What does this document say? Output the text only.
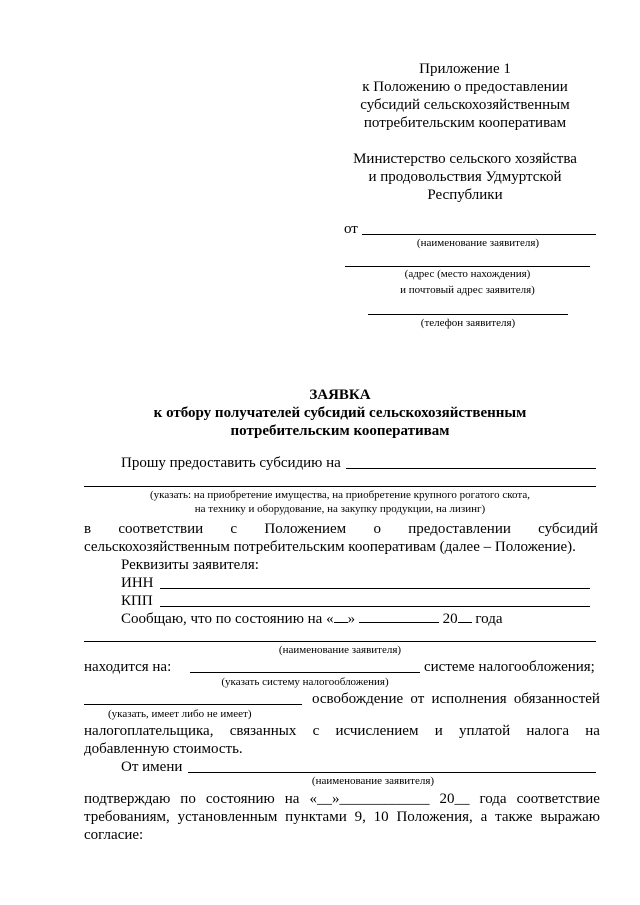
Приложение 1
к Положению о предоставлении
субсидий сельскохозяйственным
потребительским кооперативам
Министерство сельского хозяйства
и продовольствия Удмуртской
Республики
от
(наименование заявителя)
(адрес (место нахождения)
и почтовый адрес заявителя)
(телефон заявителя)
ЗАЯВКА
к отбору получателей субсидий сельскохозяйственным
потребительским кооперативам
Прошу предоставить субсидию на
(указать: на приобретение имущества, на приобретение крупного рогатого скота,
на технику и оборудование, на закупку продукции, на лизинг)
в соответствии с Положением о предоставлении субсидий
сельскохозяйственным потребительским кооперативам (далее – Положение).
Реквизиты заявителя:
ИНН
КПП
Сообщаю, что по состоянию на « »	20 года
(наименование заявителя)
находится на:	системе налогообложения;
(указать систему налогообложения)
освобождение от исполнения обязанностей
(указать, имеет либо не имеет)
налогоплательщика, связанных с исчислением и уплатой налога на
добавленную стоимость.
От имени
(наименование заявителя)
подтверждаю по состоянию на «__»____________ 20__ года соответствие
требованиям, установленным пунктами 9, 10 Положения, а также выражаю
согласие:
